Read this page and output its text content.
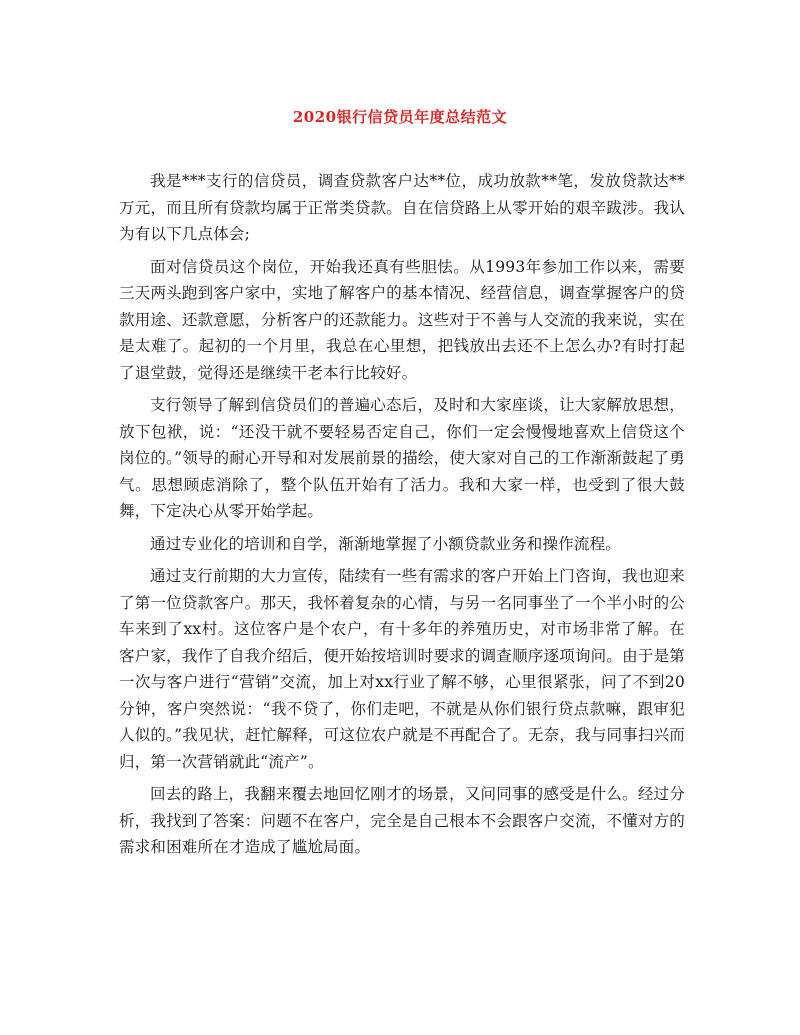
2020银行信贷员年度总结范文

我是***支行的信贷员，调查贷款客户达**位，成功放款**笔，发放贷款达**万元，而且所有贷款均属于正常类贷款。自在信贷路上从零开始的艰辛跋涉。我认为有以下几点体会;

面对信贷员这个岗位，开始我还真有些胆怯。从1993年参加工作以来，需要三天两头跑到客户家中，实地了解客户的基本情况、经营信息，调查掌握客户的贷款用途、还款意愿，分析客户的还款能力。这些对于不善与人交流的我来说，实在是太难了。起初的一个月里，我总在心里想，把钱放出去还不上怎么办?有时打起了退堂鼓，觉得还是继续干老本行比较好。

支行领导了解到信贷员们的普遍心态后，及时和大家座谈，让大家解放思想，放下包袱，说：“还没干就不要轻易否定自己，你们一定会慢慢地喜欢上信贷这个岗位的。”领导的耐心开导和对发展前景的描绘，使大家对自己的工作渐渐鼓起了勇气。思想顾虑消除了，整个队伍开始有了活力。我和大家一样，也受到了很大鼓舞，下定决心从零开始学起。

通过专业化的培训和自学，渐渐地掌握了小额贷款业务和操作流程。

通过支行前期的大力宣传，陆续有一些有需求的客户开始上门咨询，我也迎来了第一位贷款客户。那天，我怀着复杂的心情，与另一名同事坐了一个半小时的公车来到了xx村。这位客户是个农户，有十多年的养殖历史，对市场非常了解。在客户家，我作了自我介绍后，便开始按培训时要求的调查顺序逐项询问。由于是第一次与客户进行“营销”交流，加上对xx行业了解不够，心里很紧张，问了不到20分钟，客户突然说：“我不贷了，你们走吧，不就是从你们银行贷点款嘛，跟审犯人似的。”我见状，赶忙解释，可这位农户就是不再配合了。无奈，我与同事扫兴而归，第一次营销就此“流产”。

回去的路上，我翻来覆去地回忆刚才的场景，又问同事的感受是什么。经过分析，我找到了答案：问题不在客户，完全是自己根本不会跟客户交流，不懂对方的需求和困难所在才造成了尴尬局面。
